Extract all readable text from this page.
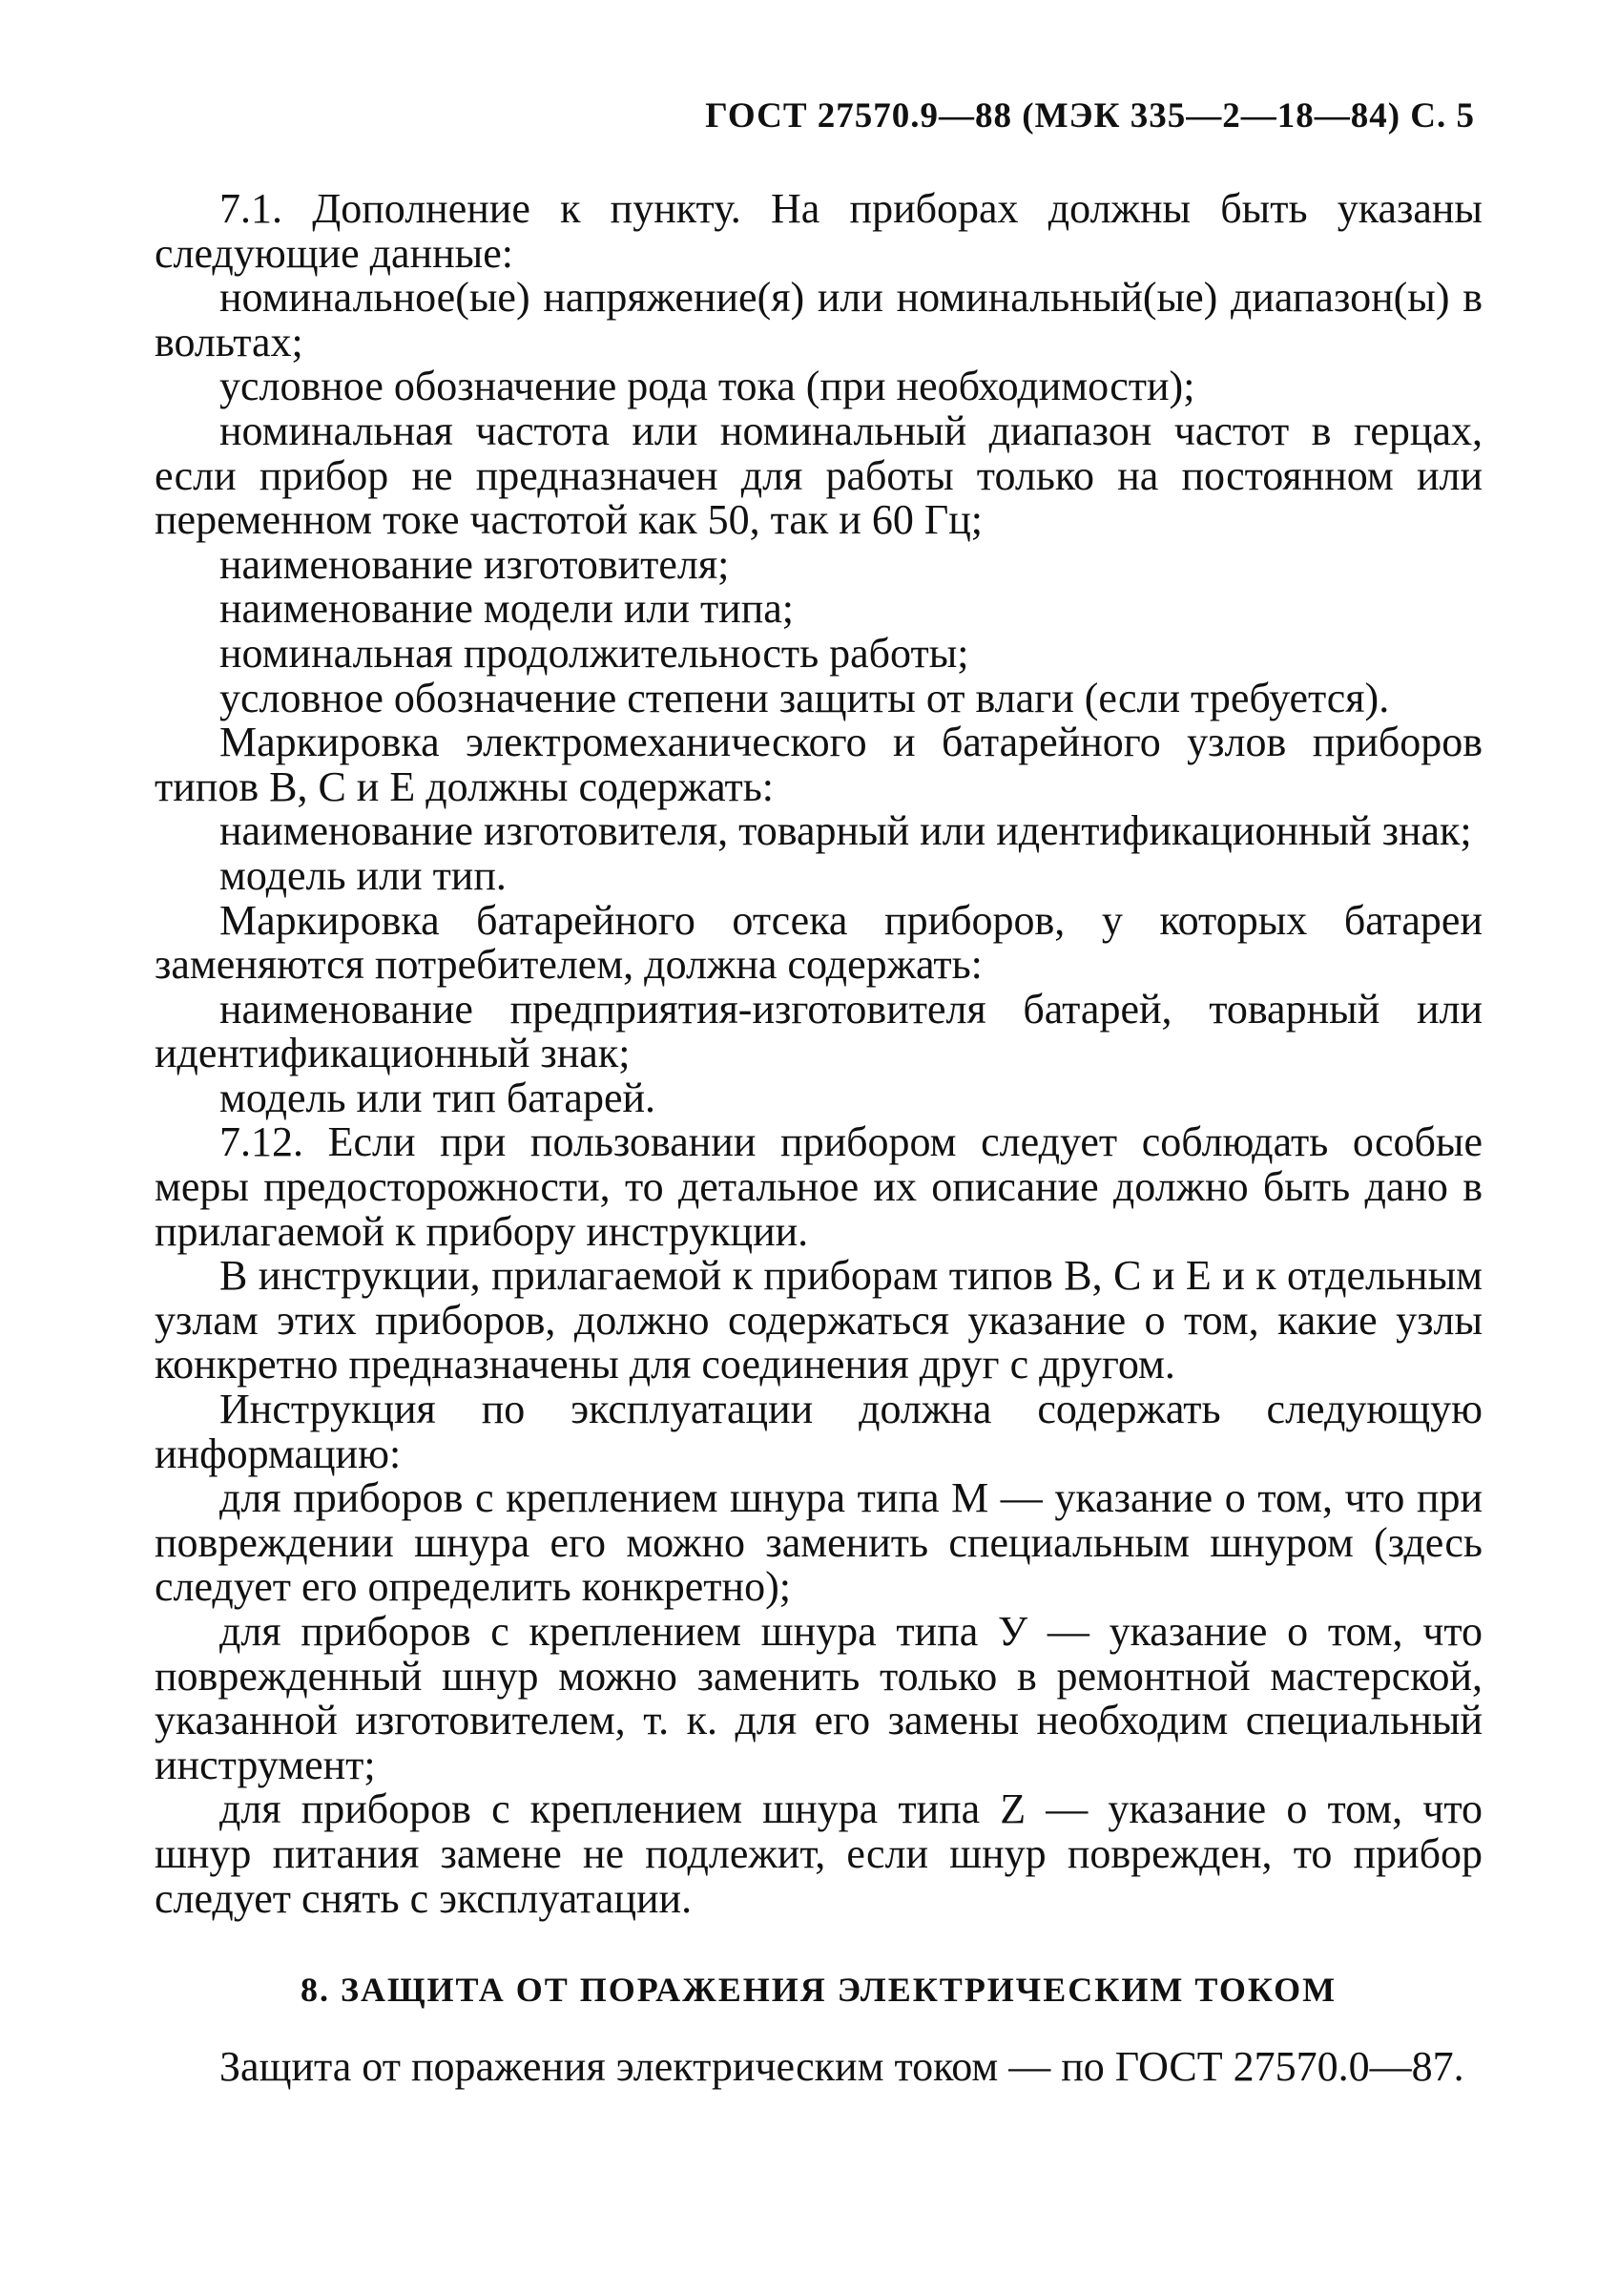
ГОСТ 27570.9—88 (МЭК 335—2—18—84) С. 5

7.1. Дополнение к пункту. На приборах должны быть указаны следующие данные:

номинальное(ые) напряжение(я) или номинальный(ые) диапазон(ы) в вольтах;

условное обозначение рода тока (при необходимости);

номинальная частота или номинальный диапазон частот в герцах, если прибор не предназначен для работы только на постоянном или переменном токе частотой как 50, так и 60 Гц;

наименование изготовителя;

наименование модели или типа;

номинальная продолжительность работы;

условное обозначение степени защиты от влаги (если требуется).

Маркировка электромеханического и батарейного узлов приборов типов В, С и Е должны содержать:

наименование изготовителя, товарный или идентификационный знак;

модель или тип.

Маркировка батарейного отсека приборов, у которых батареи заменяются потребителем, должна содержать:

наименование предприятия-изготовителя батарей, товарный или идентификационный знак;

модель или тип батарей.

7.12. Если при пользовании прибором следует соблюдать особые меры предосторожности, то детальное их описание должно быть дано в прилагаемой к прибору инструкции.

В инструкции, прилагаемой к приборам типов В, С и Е и к отдельным узлам этих приборов, должно содержаться указание о том, какие узлы конкретно предназначены для соединения друг с другом.

Инструкция по эксплуатации должна содержать следующую информацию:

для приборов с креплением шнура типа М — указание о том, что при повреждении шнура его можно заменить специальным шнуром (здесь следует его определить конкретно);

для приборов с креплением шнура типа У — указание о том, что поврежденный шнур можно заменить только в ремонтной мастерской, указанной изготовителем, т. к. для его замены необходим специальный инструмент;

для приборов с креплением шнура типа Z — указание о том, что шнур питания замене не подлежит, если шнур поврежден, то прибор следует снять с эксплуатации.

8. ЗАЩИТА ОТ ПОРАЖЕНИЯ ЭЛЕКТРИЧЕСКИМ ТОКОМ

Защита от поражения электрическим током — по ГОСТ 27570.0—87.
